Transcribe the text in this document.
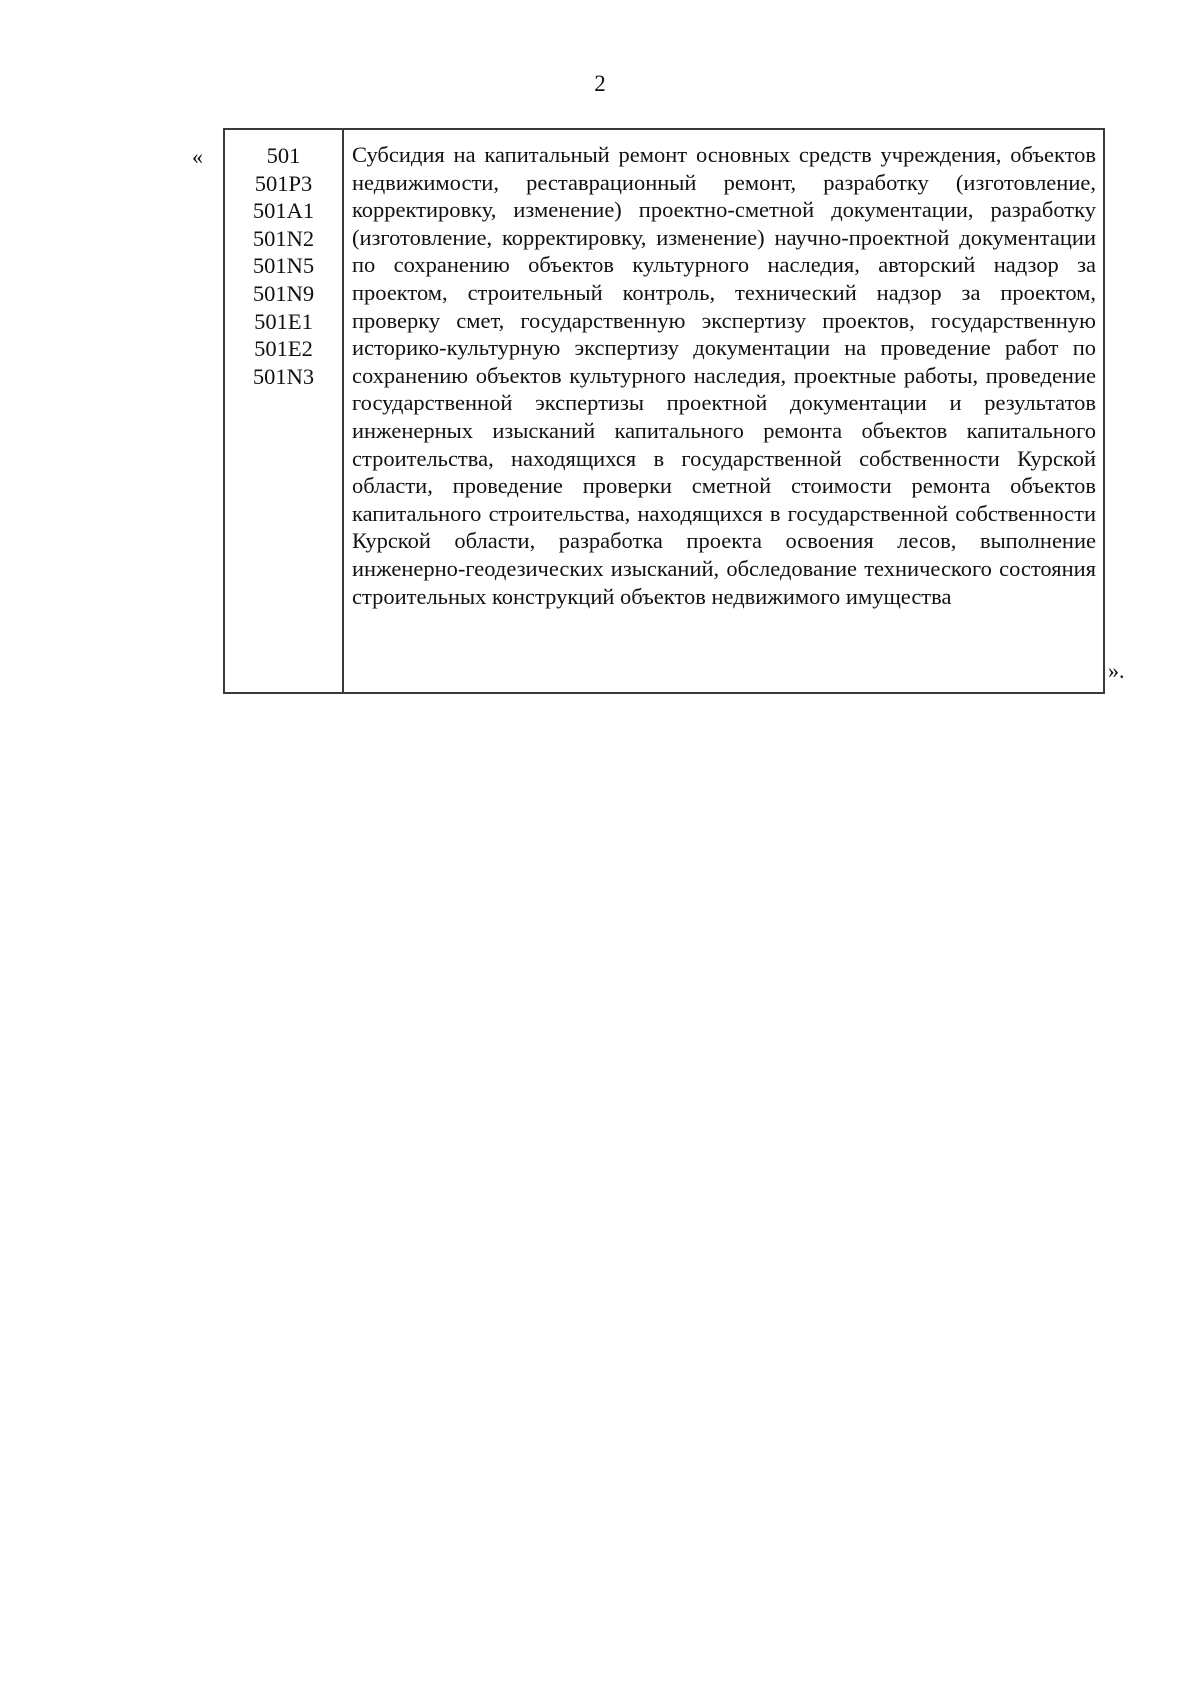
2
«	501
501P3
501A1
501N2
501N5
501N9
501E1
501E2
501N3

Субсидия на капитальный ремонт основных средств учреждения, объектов недвижимости, реставрационный ремонт, разработку (изготовление, корректировку, изменение) проектно-сметной документации, разработку (изготовление, корректировку, изменение) научно-проектной документации по сохранению объектов культурного наследия, авторский надзор за проектом, строительный контроль, технический надзор за проектом, проверку смет, государственную экспертизу проектов, государственную историко-культурную экспертизу документации на проведение работ по сохранению объектов культурного наследия, проектные работы, проведение государственной экспертизы проектной документации и результатов инженерных изысканий капитального ремонта объектов капитального строительства, находящихся в государственной собственности Курской области, проведение проверки сметной стоимости ремонта объектов капитального строительства, находящихся в государственной собственности Курской области, разработка проекта освоения лесов, выполнение инженерно-геодезических изысканий, обследование технического состояния строительных конструкций объектов недвижимого имущества

».
